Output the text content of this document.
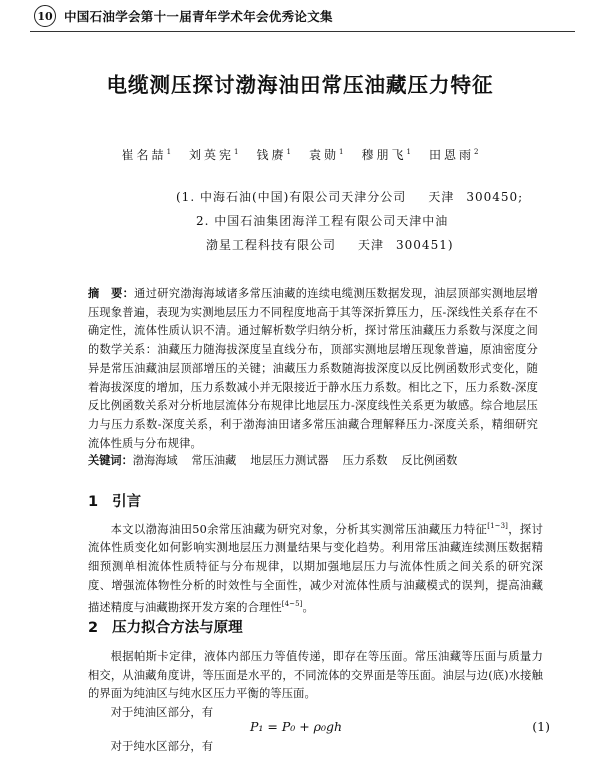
10 中国石油学会第十一届青年学术年会优秀论文集
电缆测压探讨渤海油田常压油藏压力特征
崔名喆$^1$ 刘英宪$^1$ 钱赓$^1$ 袁勋$^1$ 穆朋飞$^1$ 田恩雨$^2$
(1. 中海石油(中国)有限公司天津分公司 天津 300450;
2. 中国石油集团海洋工程有限公司天津中油
渤星工程科技有限公司 天津 300451)
摘　要：通过研究渤海海域诸多常压油藏的连续电缆测压数据发现，油层顶部实测地层增压现象普遍，表现为实测地层压力不同程度地高于其等深折算压力，压-深线性关系存在不确定性，流体性质认识不清。通过解析数学归纳分析，探讨常压油藏压力系数与深度之间的数学关系：油藏压力随海拔深度呈直线分布，顶部实测地层增压现象普遍，原油密度分异是常压油藏油层顶部增压的关键；油藏压力系数随海拔深度以反比例函数形式变化，随着海拔深度的增加，压力系数减小并无限接近于静水压力系数。相比之下，压力系数-深度反比例函数关系对分析地层流体分布规律比地层压力-深度线性关系更为敏感。综合地层压力与压力系数-深度关系，利于渤海油田诸多常压油藏合理解释压力-深度关系，精细研究流体性质与分布规律。
关键词：渤海海域 常压油藏 地层压力测试器 压力系数 反比例函数
1 引言
本文以渤海油田50余常压油藏为研究对象，分析其实测常压油藏压力特征[1~3]，探讨流体性质变化如何影响实测地层压力测量结果与变化趋势。利用常压油藏连续测压数据精细预测单相流体性质特征与分布规律，以期加强地层压力与流体性质之间关系的研究深度、增强流体物性分析的时效性与全面性，减少对流体性质与油藏模式的误判，提高油藏描述精度与油藏勘探开发方案的合理性[4~5]。
2 压力拟合方法与原理
根据帕斯卡定律，液体内部压力等值传递，即存在等压面。常压油藏等压面与质量力相交，从油藏角度讲，等压面是水平的，不同流体的交界面是等压面。油层与边(底)水接触的界面为纯油区与纯水区压力平衡的等压面。
对于纯油区部分，有
P₁ = P₀ + ρ₀gh	(1)
对于纯水区部分，有
